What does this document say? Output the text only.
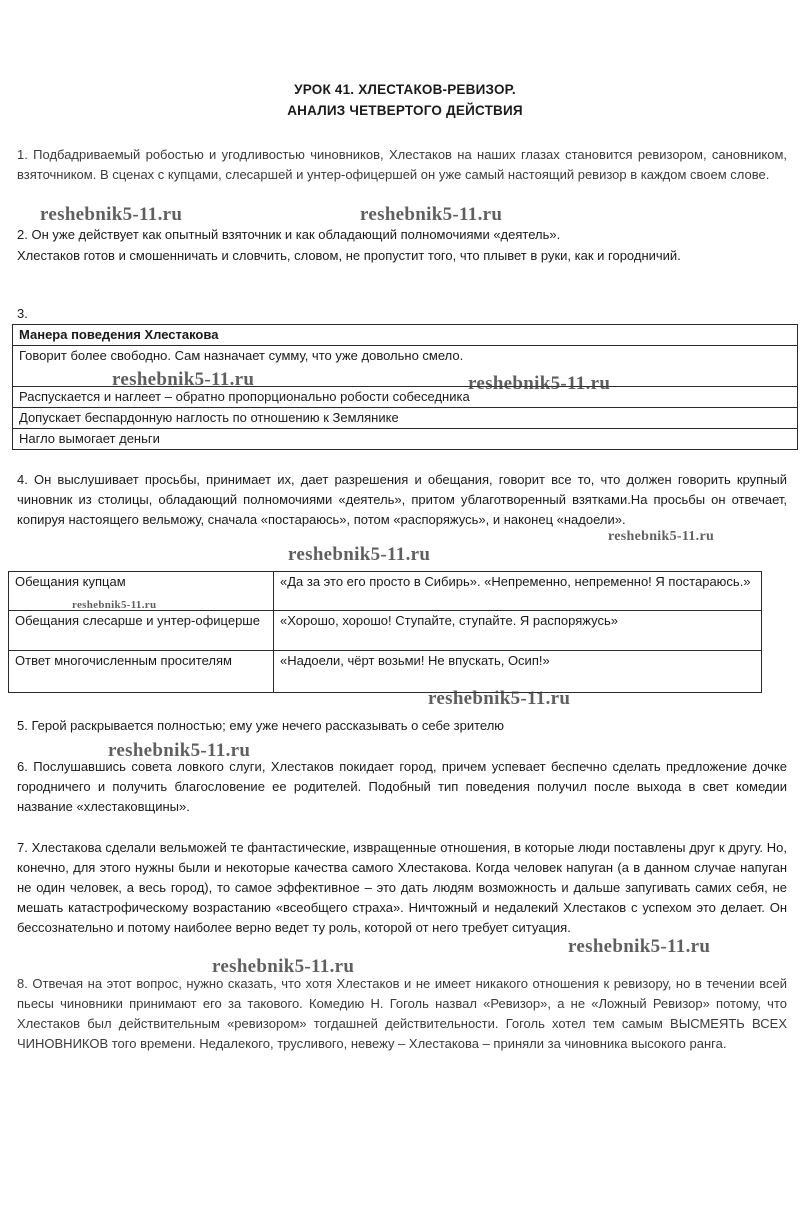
УРОК 41. ХЛЕСТАКОВ-РЕВИЗОР.
АНАЛИЗ ЧЕТВЕРТОГО ДЕЙСТВИЯ
1. Подбадриваемый робостью и угодливостью чиновников, Хлестаков на наших глазах становится ревизором, сановником, взяточником. В сценах с купцами, слесаршей и унтер-офицершей он уже самый настоящий ревизор в каждом своем слове.
2. Он уже действует как опытный взяточник и как обладающий полномочиями «деятель».
Хлестаков готов и смошенничать и словчить, словом, не пропустит того, что плывет в руки, как и городничий.
3.
Манера поведения Хлестакова
Говорит более свободно. Сам назначает сумму, что уже довольно смело.
Распускается и наглеет – обратно пропорционально робости собеседника
Допускает беспардонную наглость по отношению к Землянике
Нагло вымогает деньги
4. Он выслушивает просьбы, принимает их, дает разрешения и обещания, говорит все то, что должен говорить крупный чиновник из столицы, обладающий полномочиями «деятель», притом ублаготворенный взятками.На просьбы он отвечает, копируя настоящего вельможу, сначала «постараюсь», потом «распоряжусь», и наконец «надоели».
Обещания купцам	«Да за это его просто в Сибирь». «Непременно, непременно! Я постараюсь.»
Обещания слесарше и унтер-офицерше	«Хорошо, хорошо! Ступайте, ступайте. Я распоряжусь»
Ответ многочисленным просителям	«Надоели, чёрт возьми! Не впускать, Осип!»
5. Герой раскрывается полностью; ему уже нечего рассказывать о себе зрителю
6. Послушавшись совета ловкого слуги, Хлестаков покидает город, причем успевает беспечно сделать предложение дочке городничего и получить благословение ее родителей. Подобный тип поведения получил после выхода в свет комедии название «хлестаковщины».
7. Хлестакова сделали вельможей те фантастические, извращенные отношения, в которые люди поставлены друг к другу. Но, конечно, для этого нужны были и некоторые качества самого Хлестакова. Когда человек напуган (а в данном случае напуган не один человек, а весь город), то самое эффективное – это дать людям возможность и дальше запугивать самих себя, не мешать катастрофическому возрастанию «всеобщего страха». Ничтожный и недалекий Хлестаков с успехом это делает. Он бессознательно и потому наиболее верно ведет ту роль, которой от него требует ситуация.
8. Отвечая на этот вопрос, нужно сказать, что хотя Хлестаков и не имеет никакого отношения к ревизору, но в течении всей пьесы чиновники принимают его за такового. Комедию Н. Гоголь назвал «Ревизор», а не «Ложный Ревизор» потому, что Хлестаков был действительным «ревизором» тогдашней действительности. Гоголь хотел тем самым ВЫСМЕЯТЬ ВСЕХ ЧИНОВНИКОВ того времени. Недалекого, трусливого, невежу – Хлестакова – приняли за чиновника высокого ранга.
reshebnik5-11.ru	reshebnik5-11.ru
reshebnik5-11.ru	reshebnik5-11.ru
reshebnik5-11.ru
reshebnik5-11.ru
reshebnik5-11.ru
reshebnik5-11.ru
reshebnik5-11.ru
reshebnik5-11.ru
reshebnik5-11.ru
